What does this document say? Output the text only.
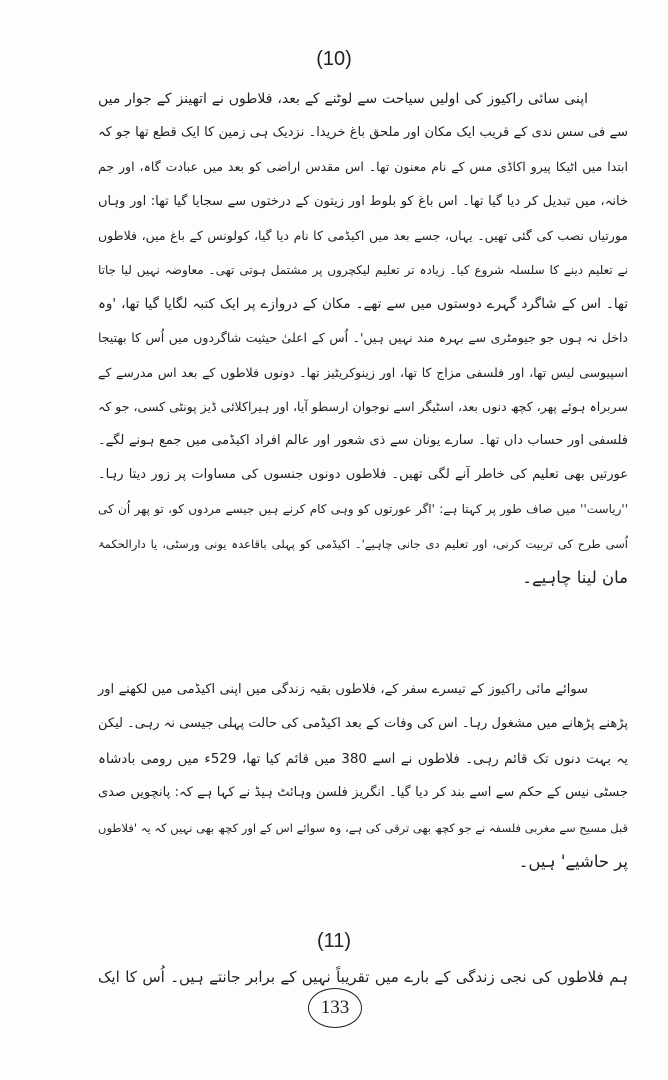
(10)
اپنی سائی راکیوز کی اولیں سیاحت سے لوٹنے کے بعد، فلاطوں نے اتھینز کے جوار میں
سے فی سس ندی کے قریب ایک مکان اور ملحق باغ خریدا۔ نزدیک ہی زمین کا ایک قطع تھا جو کہ
ابتدا میں اٹیکا پیرو اکاڈی مس کے نام معنون تھا۔ اس مقدس اراضی کو بعد میں عبادت گاہ، اور جم
خانہ، میں تبدیل کر دیا گیا تھا۔ اس باغ کو بلوط اور زیتون کے درختوں سے سجایا گیا تھا: اور وہاں
مورتیاں نصب کی گئی تھیں۔ یہاں، جسے بعد میں اکیڈمی کا نام دیا گیا، کولونس کے باغ میں، فلاطوں
نے تعلیم دینے کا سلسلہ شروع کیا۔ زیادہ تر تعلیم لیکچروں پر مشتمل ہوتی تھی۔ معاوضہ نہیں لیا جاتا
تھا۔ اس کے شاگرد گہرے دوستوں میں سے تھے۔ مکان کے دروازے پر ایک کتبہ لگایا گیا تھا، 'وہ
داخل نہ ہوں جو جیومٹری سے بہرہ مند نہیں ہیں'۔ اُس کے اعلیٰ حیثیت شاگردوں میں اُس کا بھتیجا
اسپیوسی لیس تھا، اور فلسفی مزاج کا تھا، اور زینوکریٹیز تھا۔ دونوں فلاطوں کے بعد اس مدرسے کے
سربراہ ہوئے پھر، کچھ دنوں بعد، اسٹیگر اسے نوجوان ارسطو آیا، اور ہیراکلائی ڈیز پونٹی کسی، جو کہ
فلسفی اور حساب داں تھا۔ سارے یونان سے ذی شعور اور عالم افراد اکیڈمی میں جمع ہونے لگے۔
عورتیں بھی تعلیم کی خاطر آنے لگی تھیں۔ فلاطوں دونوں جنسوں کی مساوات پر زور دیتا رہا۔
''ریاست'' میں صاف طور پر کہتا ہے: 'اگر عورتوں کو وہی کام کرنے ہیں جیسے مردوں کو، تو پھر اُن کی
اُسی طرح کی تربیت کرنی، اور تعلیم دی جانی چاہیے'۔ اکیڈمی کو پہلی باقاعدہ یونی ورسٹی، یا دارالحکمۃ
مان لینا چاہیے۔
سوائے مائی راکیوز کے تیسرے سفر کے، فلاطوں بقیہ زندگی میں اپنی اکیڈمی میں لکھنے اور
پڑھنے پڑھانے میں مشغول رہا۔ اس کی وفات کے بعد اکیڈمی کی حالت پہلی جیسی نہ رہی۔ لیکن
یہ بہت دنوں تک قائم رہی۔ فلاطوں نے اسے 380 میں قائم کیا تھا، 529ء میں رومی بادشاہ
جسٹی نیس کے حکم سے اسے بند کر دیا گیا۔ انگریز فلسن وہائٹ ہیڈ نے کہا ہے کہ: پانچویں صدی
قبل مسیح سے مغربی فلسفہ نے جو کچھ بھی ترقی کی ہے، وہ سوائے اس کے اور کچھ بھی نہیں کہ یہ 'فلاطوں
پر حاشیے' ہیں۔
(11)
ہم فلاطوں کی نجی زندگی کے بارے میں تقریباً نہیں کے برابر جانتے ہیں۔ اُس کا ایک
133
